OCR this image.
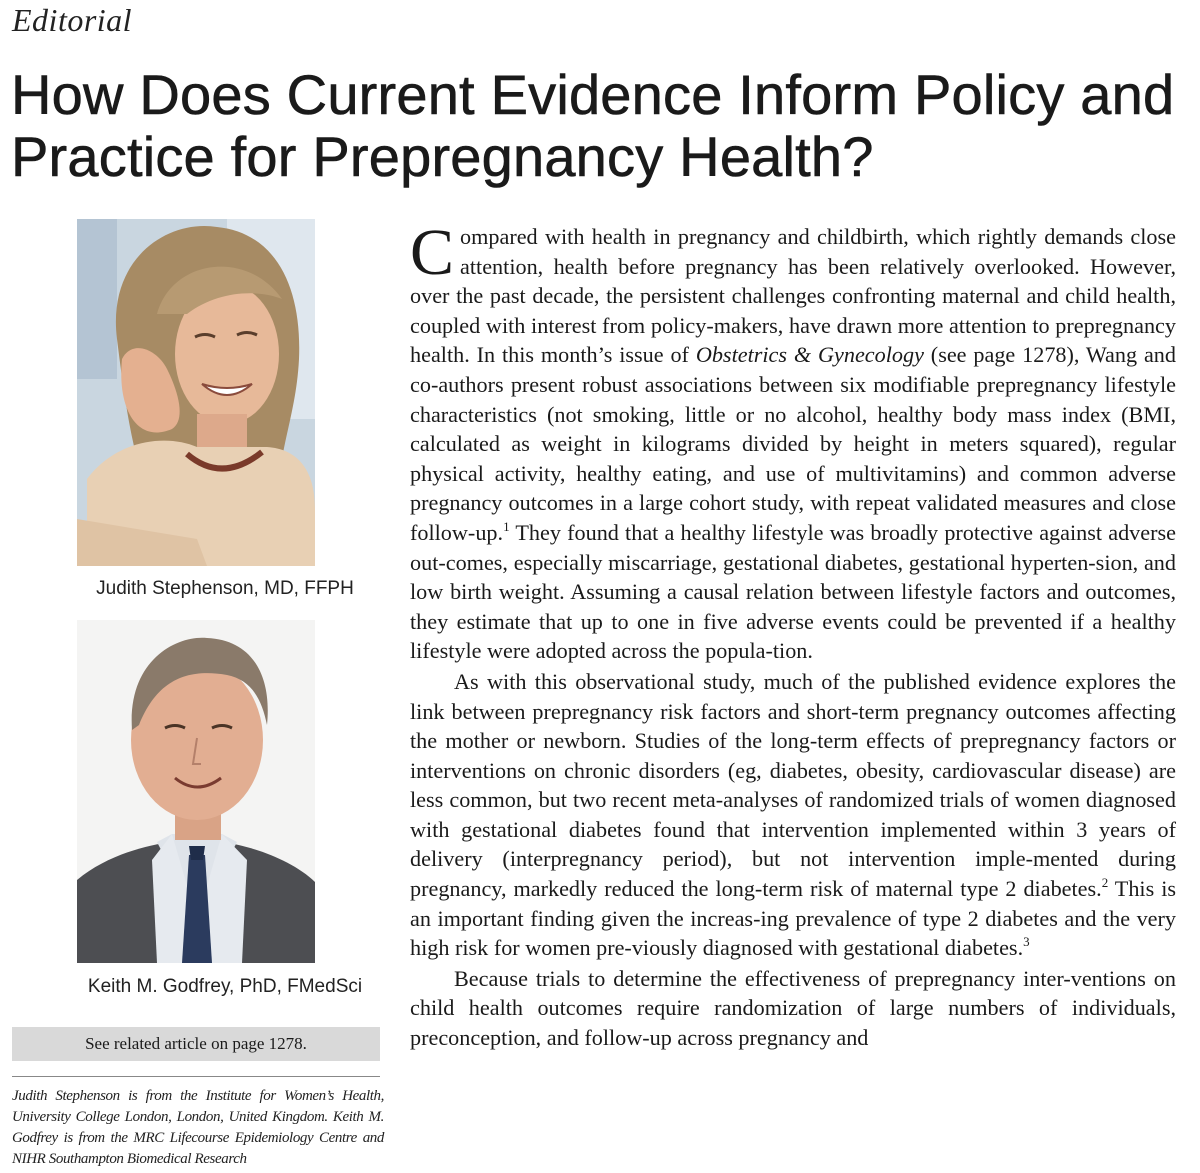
Editorial
How Does Current Evidence Inform Policy and Practice for Prepregnancy Health?
Judith Stephenson, MD, FFPH
Keith M. Godfrey, PhD, FMedSci
See related article on page 1278.

Judith Stephenson is from the Institute for Women’s Health, University College London, London, United Kingdom. Keith M. Godfrey is from the MRC Lifecourse Epidemiology Centre and NIHR Southampton Biomedical Research

Compared with health in pregnancy and childbirth, which rightly demands close attention, health before pregnancy has been relatively overlooked. However, over the past decade, the persistent challenges confronting maternal and child health, coupled with interest from policy-makers, have drawn more attention to prepregnancy health. In this month’s issue of Obstetrics & Gynecology (see page 1278), Wang and co-authors present robust associations between six modifiable prepregnancy lifestyle characteristics (not smoking, little or no alcohol, healthy body mass index (BMI, calculated as weight in kilograms divided by height in meters squared), regular physical activity, healthy eating, and use of multivitamins) and common adverse pregnancy outcomes in a large cohort study, with repeat validated measures and close follow-up.$^1$ They found that a healthy lifestyle was broadly protective against adverse out-comes, especially miscarriage, gestational diabetes, gestational hyperten-sion, and low birth weight. Assuming a causal relation between lifestyle factors and outcomes, they estimate that up to one in five adverse events could be prevented if a healthy lifestyle were adopted across the popula-tion.

As with this observational study, much of the published evidence explores the link between prepregnancy risk factors and short-term pregnancy outcomes affecting the mother or newborn. Studies of the long-term effects of prepregnancy factors or interventions on chronic disorders (eg, diabetes, obesity, cardiovascular disease) are less common, but two recent meta-analyses of randomized trials of women diagnosed with gestational diabetes found that intervention implemented within 3 years of delivery (interpregnancy period), but not intervention imple-mented during pregnancy, markedly reduced the long-term risk of maternal type 2 diabetes.$^2$ This is an important finding given the increas-ing prevalence of type 2 diabetes and the very high risk for women pre-viously diagnosed with gestational diabetes.$^3$

Because trials to determine the effectiveness of prepregnancy inter-ventions on child health outcomes require randomization of large numbers of individuals, preconception, and follow-up across pregnancy and
